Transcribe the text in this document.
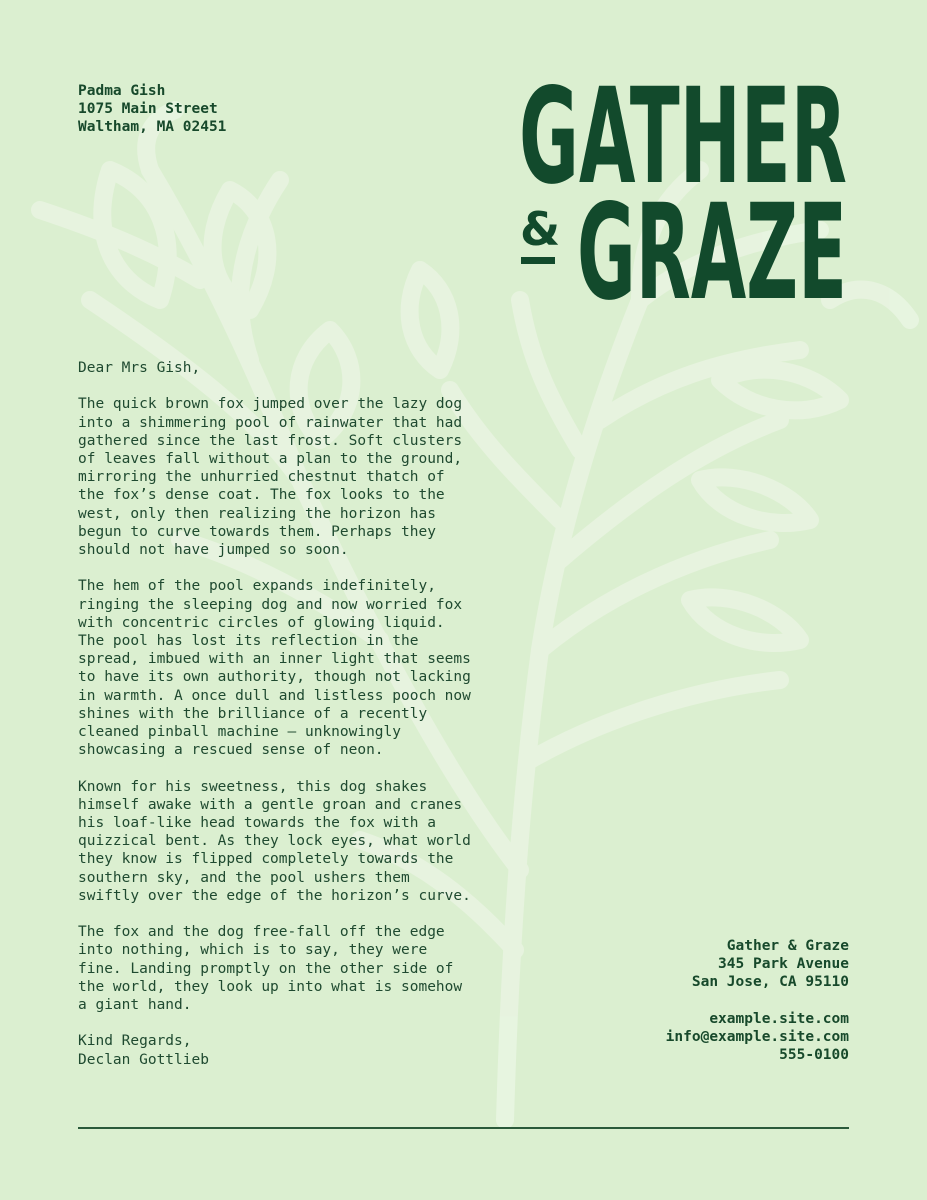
Padma Gish
1075 Main Street
Waltham, MA 02451 GATHER
& GRAZE

Dear Mrs Gish,

The quick brown fox jumped over the lazy dog
into a shimmering pool of rainwater that had
gathered since the last frost. Soft clusters
of leaves fall without a plan to the ground,
mirroring the unhurried chestnut thatch of
the fox’s dense coat. The fox looks to the
west, only then realizing the horizon has
begun to curve towards them. Perhaps they
should not have jumped so soon.

The hem of the pool expands indefinitely,
ringing the sleeping dog and now worried fox
with concentric circles of glowing liquid.
The pool has lost its reflection in the
spread, imbued with an inner light that seems
to have its own authority, though not lacking
in warmth. A once dull and listless pooch now
shines with the brilliance of a recently
cleaned pinball machine — unknowingly
showcasing a rescued sense of neon.

Known for his sweetness, this dog shakes
himself awake with a gentle groan and cranes
his loaf-like head towards the fox with a
quizzical bent. As they lock eyes, what world
they know is flipped completely towards the
southern sky, and the pool ushers them
swiftly over the edge of the horizon’s curve.

The fox and the dog free-fall off the edge
into nothing, which is to say, they were
fine. Landing promptly on the other side of
the world, they look up into what is somehow
a giant hand.

Kind Regards,

Declan Gottlieb

Gather & Graze
345 Park Avenue
San Jose, CA 95110
example.site.com
info@example.site.com
555-0100
